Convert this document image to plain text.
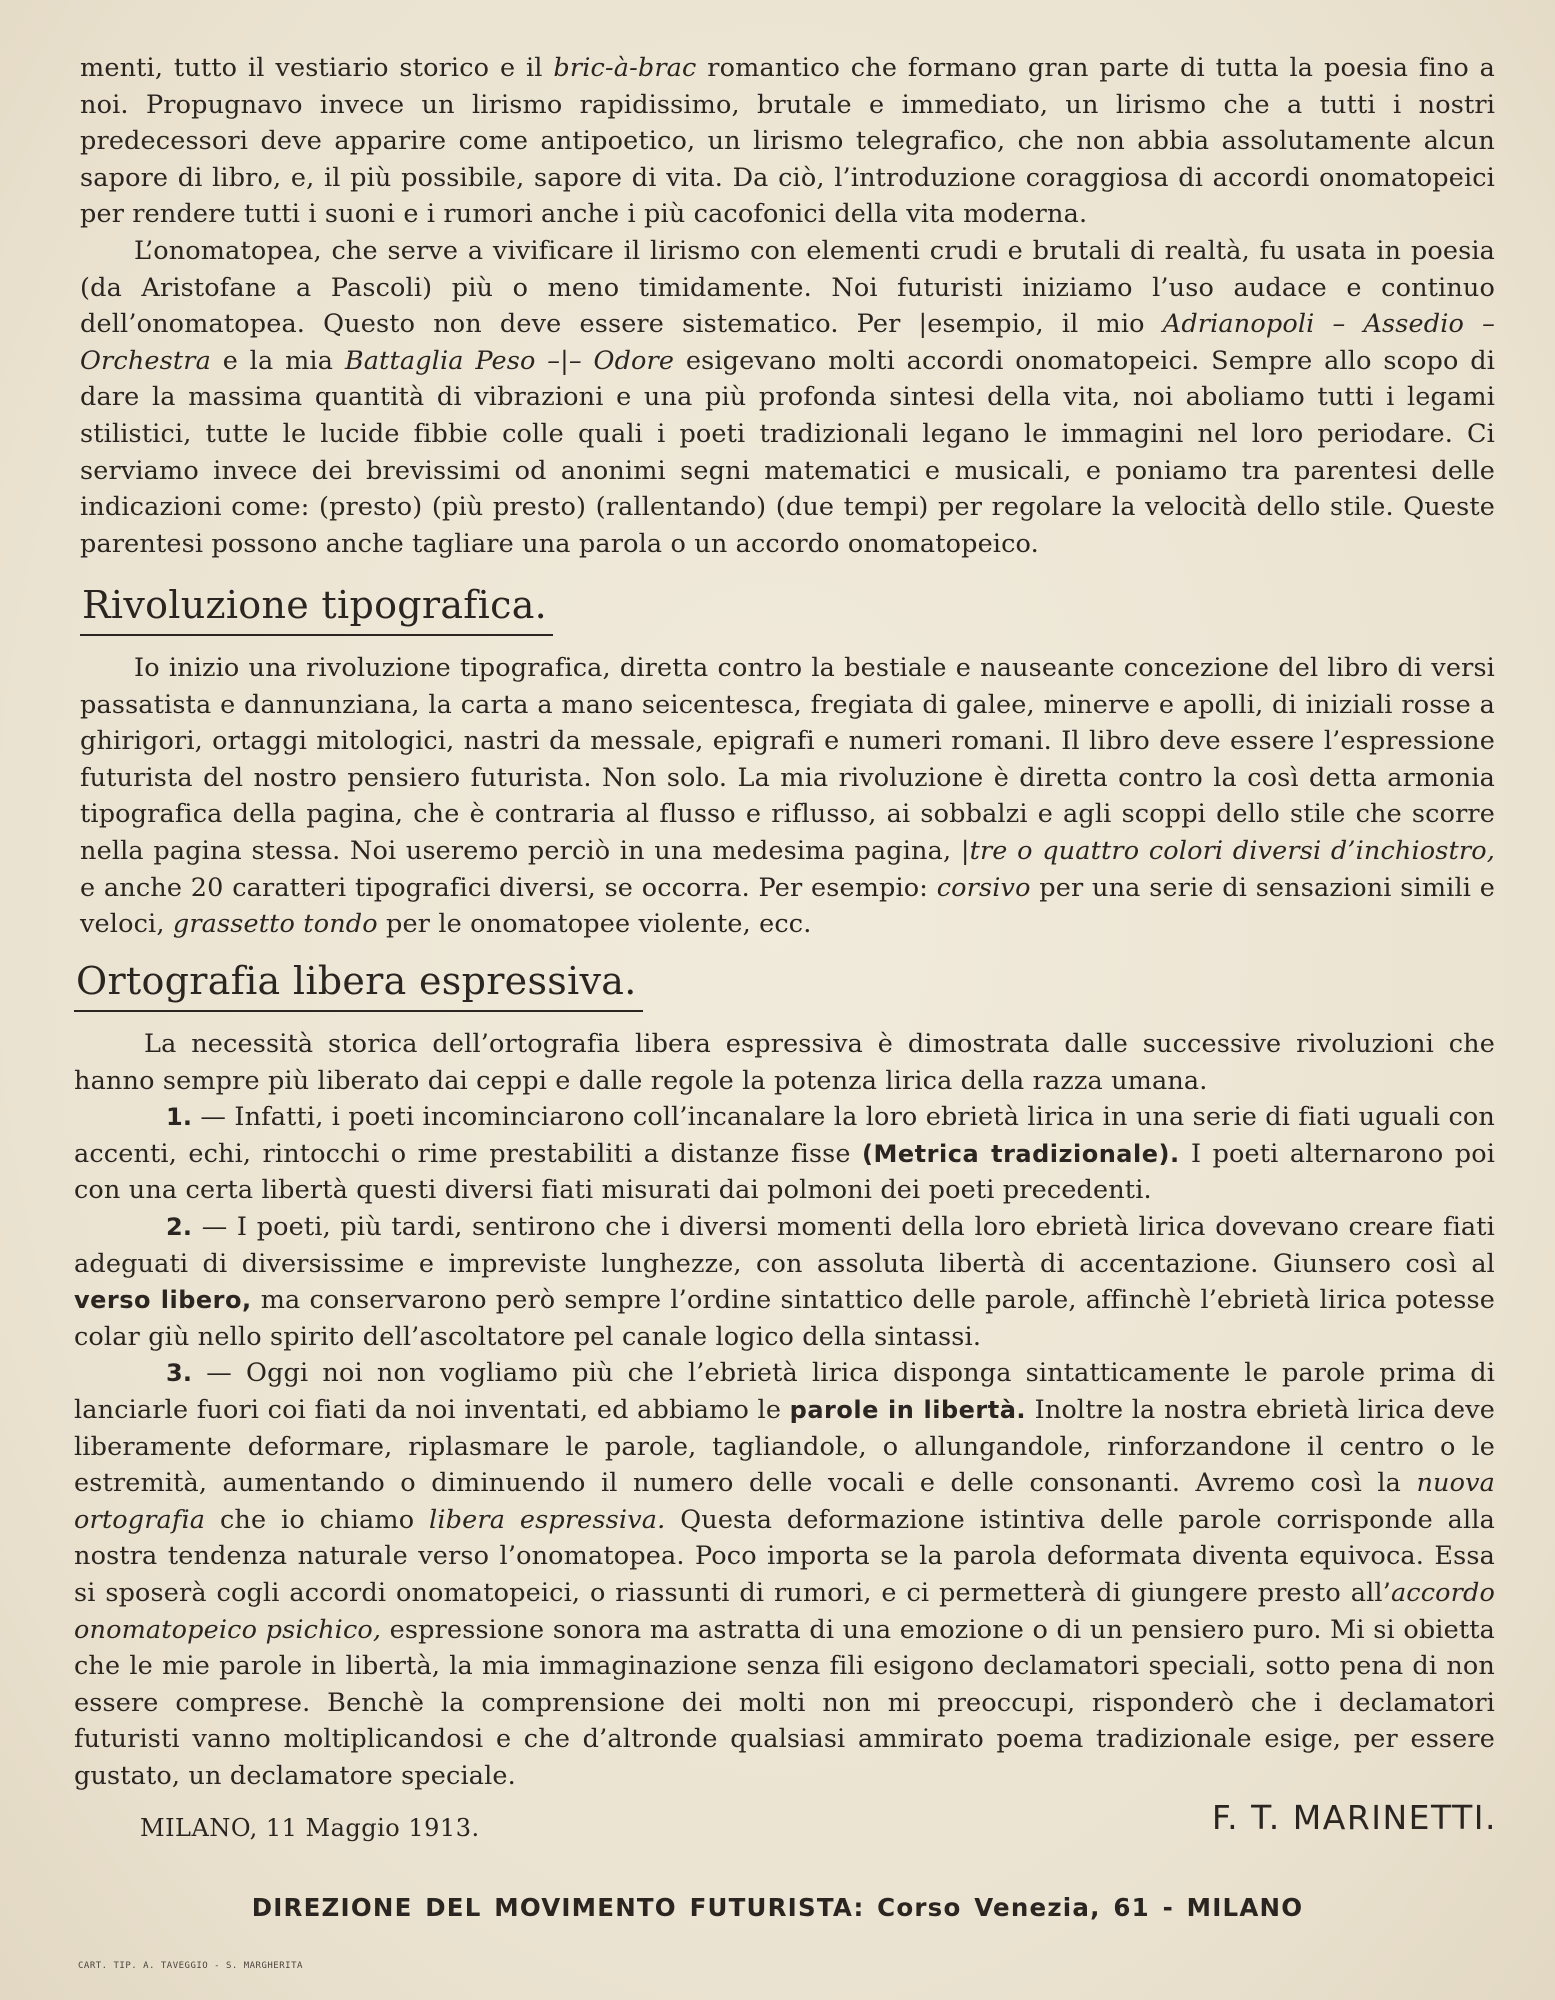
menti, tutto il vestiario storico e il bric-à-brac romantico che formano gran parte di tutta la poesia fino a noi. Propugnavo invece un lirismo rapidissimo, brutale e immediato, un lirismo che a tutti i nostri predecessori deve apparire come antipoetico, un lirismo telegrafico, che non abbia assolutamente alcun sapore di libro, e, il più possibile, sapore di vita. Da ciò, l’introduzione coraggiosa di accordi onomatopeici per rendere tutti i suoni e i rumori anche i più cacofonici della vita moderna.

L’onomatopea, che serve a vivificare il lirismo con elementi crudi e brutali di realtà, fu usata in poesia (da Aristofane a Pascoli) più o meno timidamente. Noi futuristi iniziamo l’uso audace e continuo dell’onomatopea. Questo non deve essere sistematico. Per |esempio, il mio Adrianopoli – Assedio – Orchestra e la mia Battaglia Peso –|– Odore esigevano molti accordi onomatopeici. Sempre allo scopo di dare la massima quantità di vibrazioni e una più profonda sintesi della vita, noi aboliamo tutti i legami stilistici, tutte le lucide fibbie colle quali i poeti tradizionali legano le immagini nel loro periodare. Ci serviamo invece dei brevissimi od anonimi segni matematici e musicali, e poniamo tra parentesi delle indicazioni come: (presto) (più presto) (rallentando) (due tempi) per regolare la velocità dello stile. Queste parentesi possono anche tagliare una parola o un accordo onomatopeico.

Rivoluzione tipografica.

Io inizio una rivoluzione tipografica, diretta contro la bestiale e nauseante concezione del libro di versi passatista e dannunziana, la carta a mano seicentesca, fregiata di galee, minerve e apolli, di iniziali rosse a ghirigori, ortaggi mitologici, nastri da messale, epigrafi e numeri romani. Il libro deve essere l’espressione futurista del nostro pensiero futurista. Non solo. La mia rivoluzione è diretta contro la così detta armonia tipografica della pagina, che è contraria al flusso e riflusso, ai sobbalzi e agli scoppi dello stile che scorre nella pagina stessa. Noi useremo perciò in una medesima pagina, |tre o quattro colori diversi d’inchiostro, e anche 20 caratteri tipografici diversi, se occorra. Per esempio: corsivo per una serie di sensazioni simili e veloci, grassetto tondo per le onomatopee violente, ecc.

Ortografia libera espressiva.

La necessità storica dell’ortografia libera espressiva è dimostrata dalle successive rivoluzioni che hanno sempre più liberato dai ceppi e dalle regole la potenza lirica della razza umana.

1. — Infatti, i poeti incominciarono coll’incanalare la loro ebrietà lirica in una serie di fiati uguali con accenti, echi, rintocchi o rime prestabiliti a distanze fisse (Metrica tradizionale). I poeti alternarono poi con una certa libertà questi diversi fiati misurati dai polmoni dei poeti precedenti.

2. — I poeti, più tardi, sentirono che i diversi momenti della loro ebrietà lirica dovevano creare fiati adeguati di diversissime e impreviste lunghezze, con assoluta libertà di accentazione. Giunsero così al verso libero, ma conservarono però sempre l’ordine sintattico delle parole, affinchè l’ebrietà lirica potesse colar giù nello spirito dell’ascoltatore pel canale logico della sintassi.

3. — Oggi noi non vogliamo più che l’ebrietà lirica disponga sintatticamente le parole prima di lanciarle fuori coi fiati da noi inventati, ed abbiamo le parole in libertà. Inoltre la nostra ebrietà lirica deve liberamente deformare, riplasmare le parole, tagliandole, o allungandole, rinforzandone il centro o le estremità, aumentando o diminuendo il numero delle vocali e delle consonanti. Avremo così la nuova ortografia che io chiamo libera espressiva. Questa deformazione istintiva delle parole corrisponde alla nostra tendenza naturale verso l’onomatopea. Poco importa se la parola deformata diventa equivoca. Essa si sposerà cogli accordi onomatopeici, o riassunti di rumori, e ci permetterà di giungere presto all’accordo onomatopeico psichico, espressione sonora ma astratta di una emozione o di un pensiero puro. Mi si obietta che le mie parole in libertà, la mia immaginazione senza fili esigono declamatori speciali, sotto pena di non essere comprese. Benchè la comprensione dei molti non mi preoccupi, risponderò che i declamatori futuristi vanno moltiplicandosi e che d’altronde qualsiasi ammirato poema tradizionale esige, per essere gustato, un declamatore speciale.

MILANO, 11 Maggio 1913.	F. T. MARINETTI.
DIREZIONE DEL MOVIMENTO FUTURISTA: Corso Venezia, 61 - MILANO
CART. TIP. A. TAVEGGIO - S. MARGHERITA
